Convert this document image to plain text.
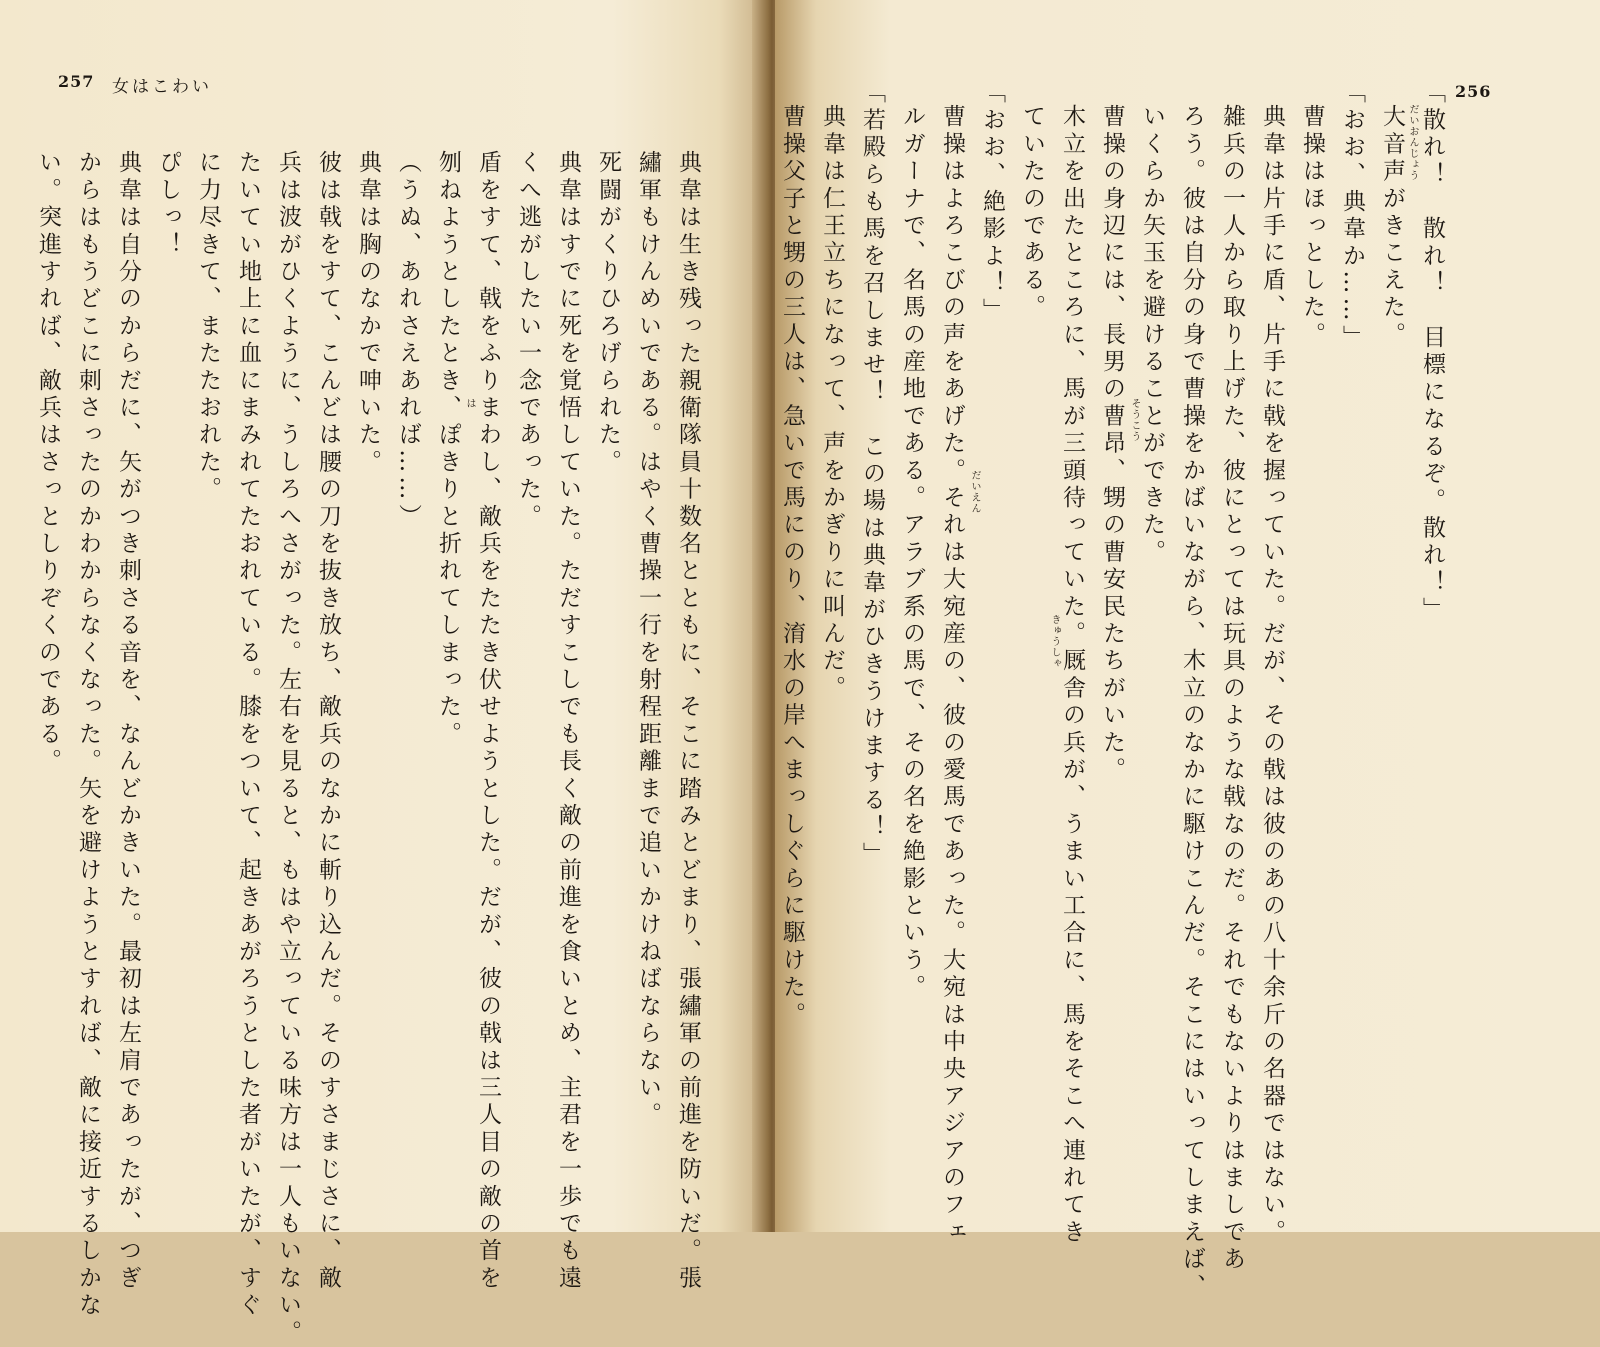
257 女はこわい
典韋は生き残った親衛隊員十数名とともに、そこに踏みとどまり、張繡軍の前進を防いだ。張
繡軍もけんめいである。はやく曹操一行を射程距離まで追いかけねばならない。
死闘がくりひろげられた。
典韋はすでに死を覚悟していた。ただすこしでも長く敵の前進を食いとめ、主君を一歩でも遠
くへ逃がしたい一念であった。
盾をすて、戟をふりまわし、敵兵をたたき伏せようとした。だが、彼の戟は三人目の敵の首を
刎ねようとしたとき、ぽきりと折れてしまった。
（うぬ、あれさえあれば……）
典韋は胸のなかで呻いた。
彼は戟をすて、こんどは腰の刀を抜き放ち、敵兵のなかに斬り込んだ。そのすさまじさに、敵
兵は波がひくように、うしろへさがった。左右を見ると、もはや立っている味方は一人もいない。
たいてい地上に血にまみれてたおれている。膝をついて、起きあがろうとした者がいたが、すぐ
に力尽きて、またたおれた。
ぴしっ！
典韋は自分のからだに、矢がつき刺さる音を、なんどかきいた。最初は左肩であったが、つぎ
からはもうどこに刺さったのかわからなくなった。矢を避けようとすれば、敵に接近するしかな
い。突進すれば、敵兵はさっとしりぞくのである。	は
256
「散れ！　散れ！　目標になるぞ。散れ！」
大音声がきこえた。
「おお、典韋か……」
曹操はほっとした。
典韋は片手に盾、片手に戟を握っていた。だが、その戟は彼のあの八十余斤の名器ではない。
雑兵の一人から取り上げた、彼にとっては玩具のような戟なのだ。それでもないよりはましであ
ろう。彼は自分の身で曹操をかばいながら、木立のなかに駆けこんだ。そこにはいってしまえば、
いくらか矢玉を避けることができた。
曹操の身辺には、長男の曹昂、甥の曹安民たちがいた。
木立を出たところに、馬が三頭待っていた。厩舎の兵が、うまい工合に、馬をそこへ連れてき
ていたのである。
「おお、絶影よ！」
曹操はよろこびの声をあげた。それは大宛産の、彼の愛馬であった。大宛は中央アジアのフェ
ルガーナで、名馬の産地である。アラブ系の馬で、その名を絶影という。
「若殿らも馬を召しませ！　この場は典韋がひきうけまする！」
典韋は仁王立ちになって、声をかぎりに叫んだ。
曹操父子と甥の三人は、急いで馬にのり、淯水の岸へまっしぐらに駆けた。	だいおんじょう
そうこう
きゅうしゃ
だいえん
